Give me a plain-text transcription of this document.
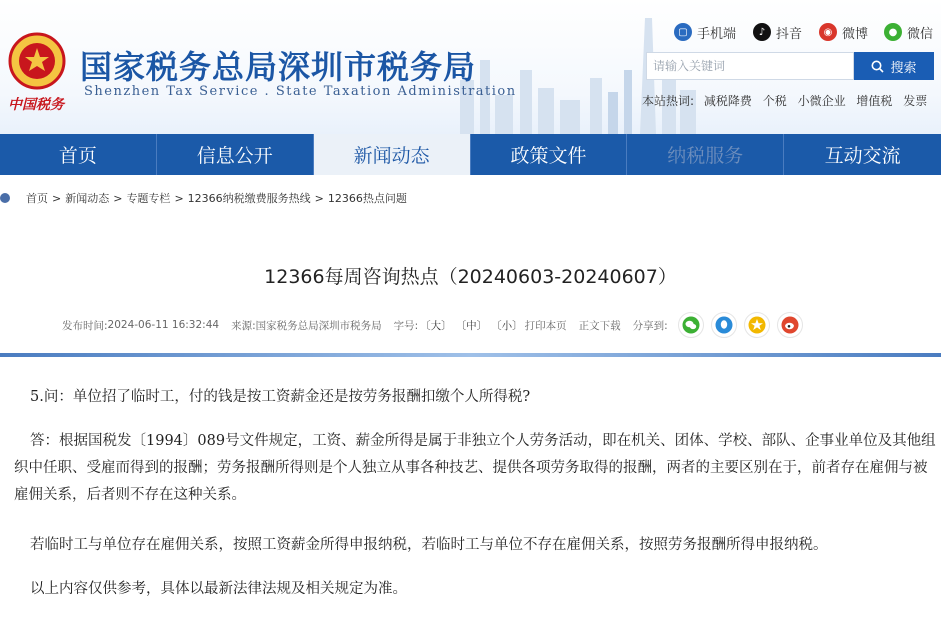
中国税务
国家税务总局深圳市税务局
Shenzhen Tax Service . State Taxation Administration
▢ 手机端	♪ 抖音	◉ 微博	● 微信
请输入关键词
搜索
本站热词: 减税降费 个税 小微企业 增值税 发票
首页	信息公开	新闻动态	政策文件	纳税服务	互动交流
首页 > 新闻动态 > 专题专栏 > 12366纳税缴费服务热线 > 12366热点问题
12366每周咨询热点（20240603-20240607）
发布时间: 2024-06-11 16:32:44 来源: 国家税务总局深圳市税务局 字号: 〔大〕 〔中〕 〔小〕 打印本页 正文下载 分享到:
5.问：单位招了临时工，付的钱是按工资薪金还是按劳务报酬扣缴个人所得税?
答：根据国税发〔1994〕089号文件规定，工资、薪金所得是属于非独立个人劳务活动，即在机关、团体、学校、部队、企事业单位及其他组织中任职、受雇而得到的报酬；劳务报酬所得则是个人独立从事各种技艺、提供各项劳务取得的报酬，两者的主要区别在于，前者存在雇佣与被雇佣关系，后者则不存在这种关系。
若临时工与单位存在雇佣关系，按照工资薪金所得申报纳税，若临时工与单位不存在雇佣关系，按照劳务报酬所得申报纳税。
以上内容仅供参考，具体以最新法律法规及相关规定为准。
